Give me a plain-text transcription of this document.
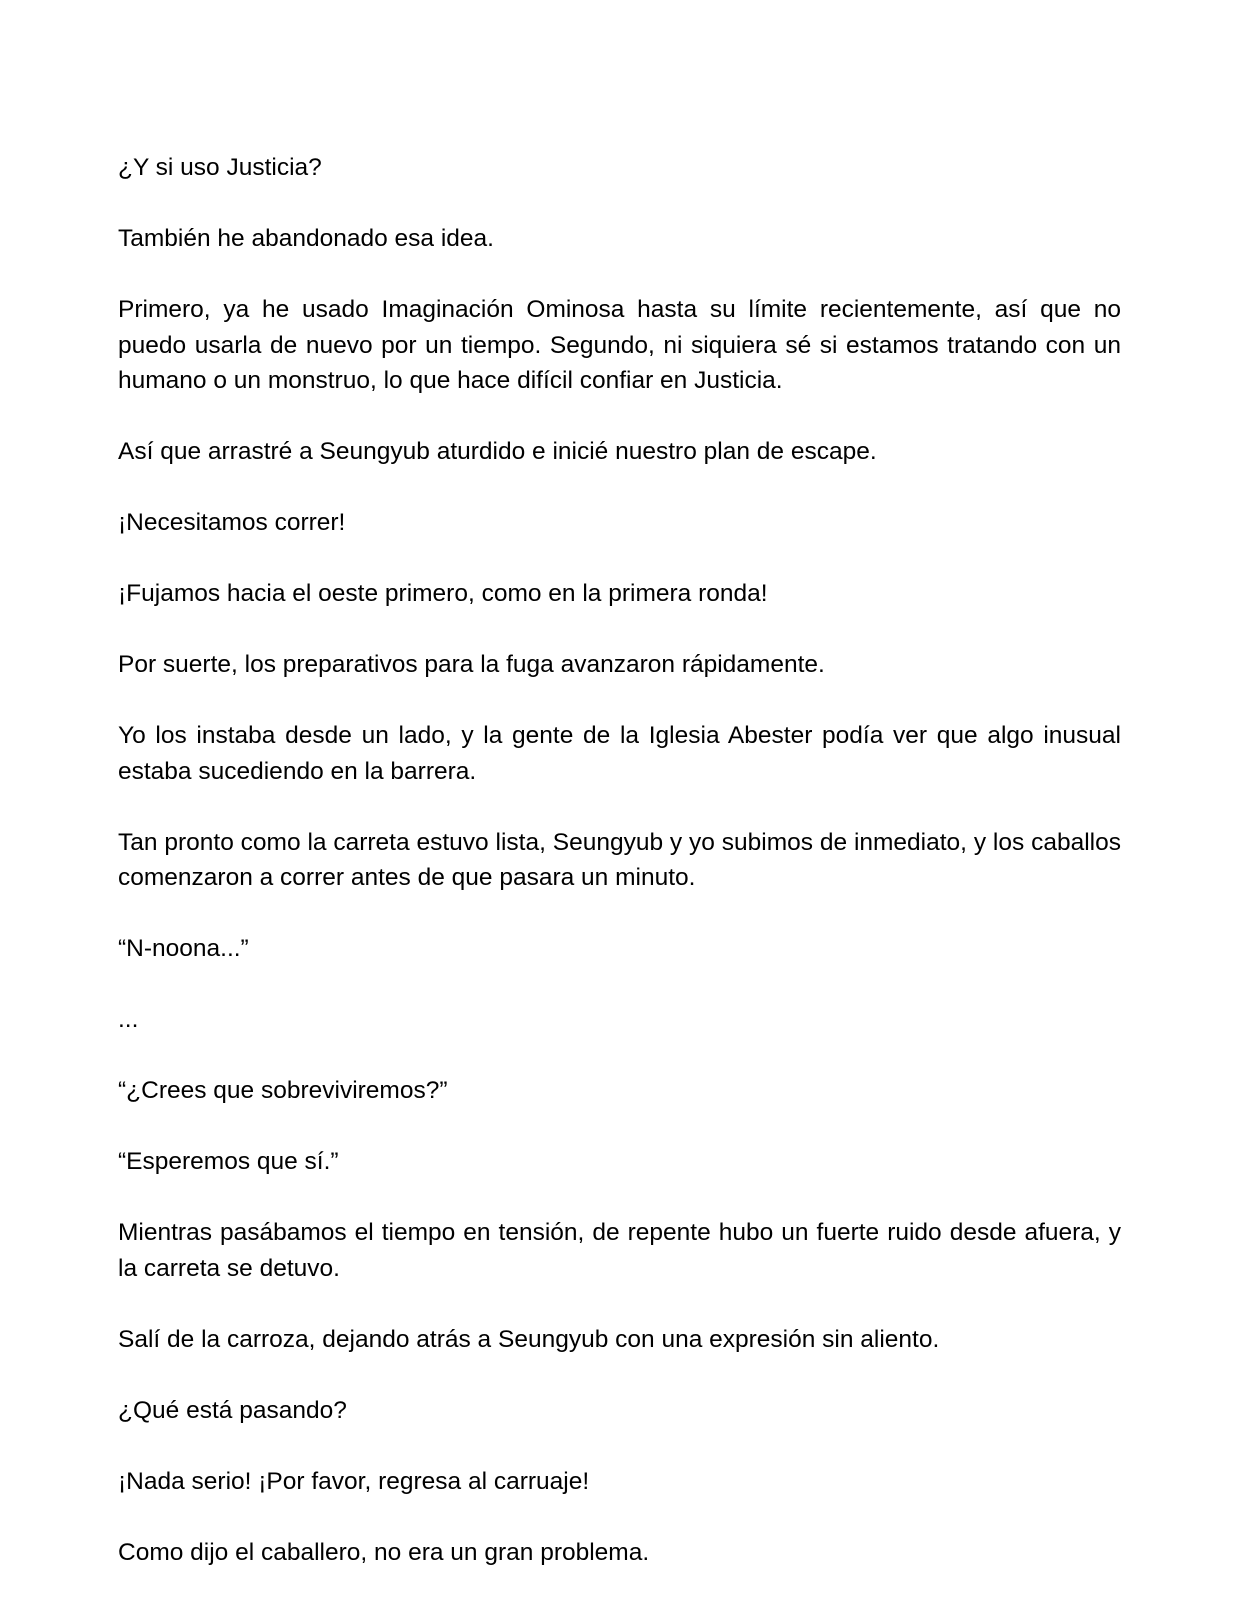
¿Y si uso Justicia?

También he abandonado esa idea.

Primero, ya he usado Imaginación Ominosa hasta su límite recientemente, así que no puedo usarla de nuevo por un tiempo. Segundo, ni siquiera sé si estamos tratando con un humano o un monstruo, lo que hace difícil confiar en Justicia.

Así que arrastré a Seungyub aturdido e inicié nuestro plan de escape.

¡Necesitamos correr!

¡Fujamos hacia el oeste primero, como en la primera ronda!

Por suerte, los preparativos para la fuga avanzaron rápidamente.

Yo los instaba desde un lado, y la gente de la Iglesia Abester podía ver que algo inusual estaba sucediendo en la barrera.

Tan pronto como la carreta estuvo lista, Seungyub y yo subimos de inmediato, y los caballos comenzaron a correr antes de que pasara un minuto.

“N-noona...”

...

“¿Crees que sobreviviremos?”

“Esperemos que sí.”

Mientras pasábamos el tiempo en tensión, de repente hubo un fuerte ruido desde afuera, y la carreta se detuvo.

Salí de la carroza, dejando atrás a Seungyub con una expresión sin aliento.

¿Qué está pasando?

¡Nada serio! ¡Por favor, regresa al carruaje!

Como dijo el caballero, no era un gran problema.
